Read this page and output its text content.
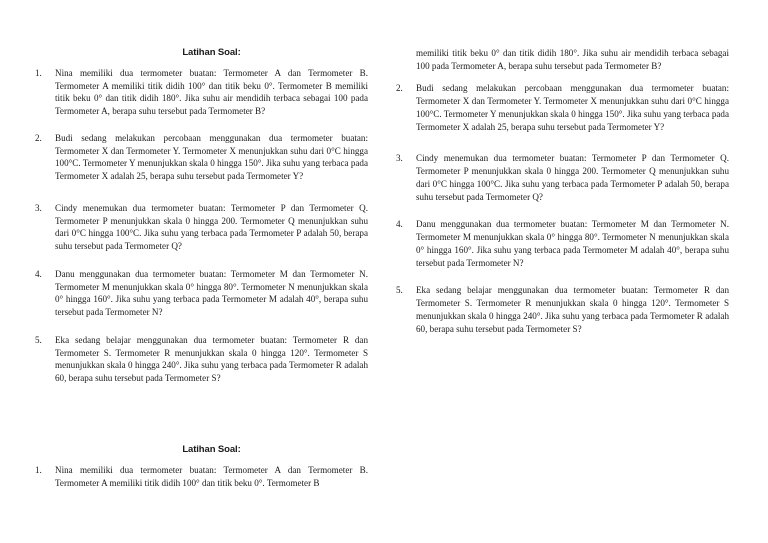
Latihan Soal:
1. Nina memiliki dua termometer buatan: Termometer A dan Termometer B. Termometer A memiliki titik didih 100° dan titik beku 0°. Termometer B memiliki titik beku 0° dan titik didih 180°. Jika suhu air mendidih terbaca sebagai 100 pada Termometer A, berapa suhu tersebut pada Termometer B?
2. Budi sedang melakukan percobaan menggunakan dua termometer buatan: Termometer X dan Termometer Y. Termometer X menunjukkan suhu dari 0°C hingga 100°C. Termometer Y menunjukkan skala 0 hingga 150°. Jika suhu yang terbaca pada Termometer X adalah 25, berapa suhu tersebut pada Termometer Y?
3. Cindy menemukan dua termometer buatan: Termometer P dan Termometer Q. Termometer P menunjukkan skala 0 hingga 200. Termometer Q menunjukkan suhu dari 0°C hingga 100°C. Jika suhu yang terbaca pada Termometer P adalah 50, berapa suhu tersebut pada Termometer Q?
4. Danu menggunakan dua termometer buatan: Termometer M dan Termometer N. Termometer M menunjukkan skala 0° hingga 80°. Termometer N menunjukkan skala 0° hingga 160°. Jika suhu yang terbaca pada Termometer M adalah 40°, berapa suhu tersebut pada Termometer N?
5. Eka sedang belajar menggunakan dua termometer buatan: Termometer R dan Termometer S. Termometer R menunjukkan skala 0 hingga 120°. Termometer S menunjukkan skala 0 hingga 240°. Jika suhu yang terbaca pada Termometer R adalah 60, berapa suhu tersebut pada Termometer S?
Latihan Soal:
1. Nina memiliki dua termometer buatan: Termometer A dan Termometer B. Termometer A memiliki titik didih 100° dan titik beku 0°. Termometer B

memiliki titik beku 0° dan titik didih 180°. Jika suhu air mendidih terbaca sebagai 100 pada Termometer A, berapa suhu tersebut pada Termometer B?

2. Budi sedang melakukan percobaan menggunakan dua termometer buatan: Termometer X dan Termometer Y. Termometer X menunjukkan suhu dari 0°C hingga 100°C. Termometer Y menunjukkan skala 0 hingga 150°. Jika suhu yang terbaca pada Termometer X adalah 25, berapa suhu tersebut pada Termometer Y?
3. Cindy menemukan dua termometer buatan: Termometer P dan Termometer Q. Termometer P menunjukkan skala 0 hingga 200. Termometer Q menunjukkan suhu dari 0°C hingga 100°C. Jika suhu yang terbaca pada Termometer P adalah 50, berapa suhu tersebut pada Termometer Q?
4. Danu menggunakan dua termometer buatan: Termometer M dan Termometer N. Termometer M menunjukkan skala 0° hingga 80°. Termometer N menunjukkan skala 0° hingga 160°. Jika suhu yang terbaca pada Termometer M adalah 40°, berapa suhu tersebut pada Termometer N?
5. Eka sedang belajar menggunakan dua termometer buatan: Termometer R dan Termometer S. Termometer R menunjukkan skala 0 hingga 120°. Termometer S menunjukkan skala 0 hingga 240°. Jika suhu yang terbaca pada Termometer R adalah 60, berapa suhu tersebut pada Termometer S?
